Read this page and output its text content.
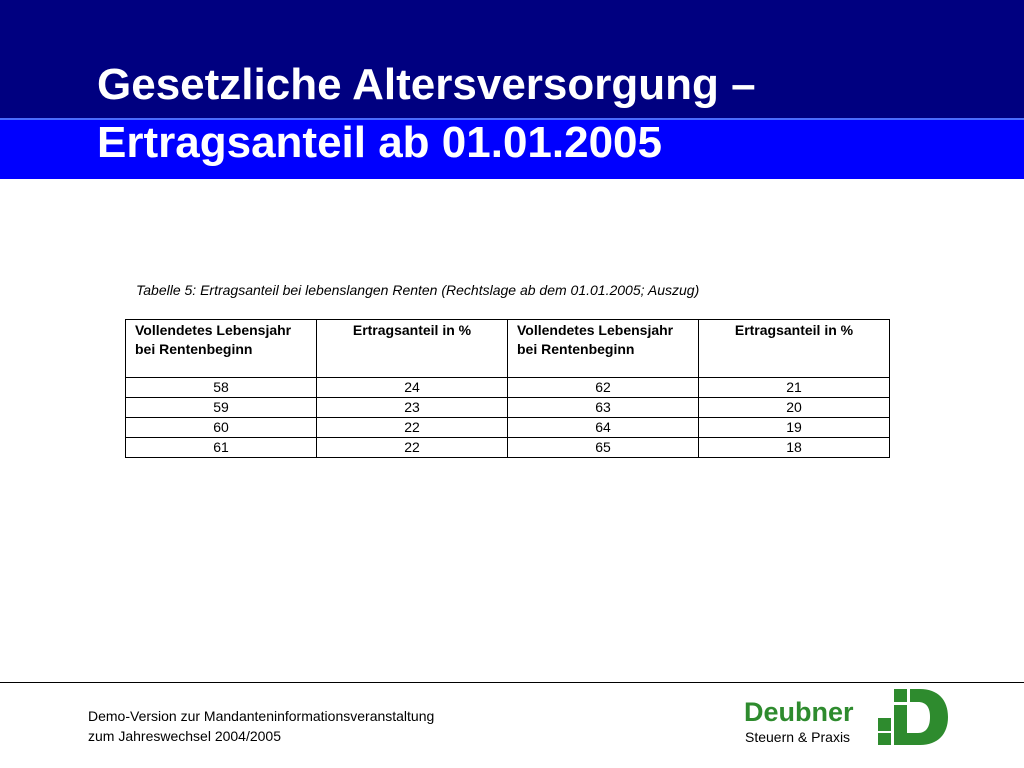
Gesetzliche Altersversorgung –
Ertragsanteil ab 01.01.2005

Tabelle 5: Ertragsanteil bei lebenslangen Renten (Rechtslage ab dem 01.01.2005; Auszug)

Vollendetes Lebensjahr bei Rentenbeginn	Ertragsanteil in %	Vollendetes Lebensjahr bei Rentenbeginn	Ertragsanteil in %
58	24	62	21
59	23	63	20
60	22	64	19
61	22	65	18

Demo-Version zur Mandanteninformationsveranstaltung
zum Jahreswechsel 2004/2005

Deubner
Steuern & Praxis
